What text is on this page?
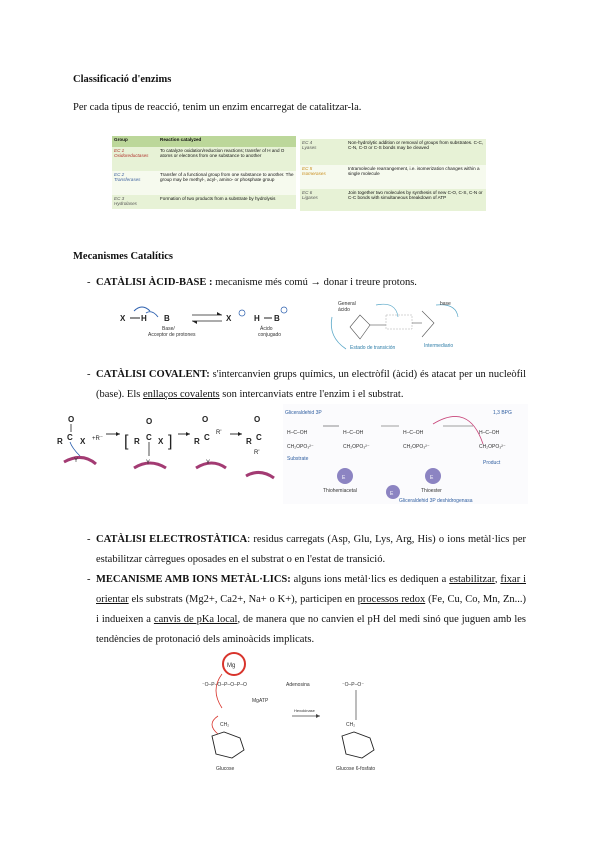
Classificació d'enzims
Per cada tipus de reacció, tenim un enzim encarregat de catalitzar-la.
Group	Reaction catalyzed

EC 1
Oxidoreductases	To catalyze oxidation/reduction reactions; transfer of H and O atoms or electrons from one substance to another

EC 2
Transferases	Transfer of a functional group from one substance to another. The group may be methyl-, acyl-, amino- or phosphate group

EC 3
Hydrolases	Formation of two products from a substrate by hydrolysis
EC 4
Lyases	Non-hydrolytic addition or removal of groups from substrates. C-C, C-N, C-O or C-S bonds may be cleaved

EC 5
Isomerases	Intramolecule rearrangement, i.e. isomerization changes within a single molecule

EC 6
Ligases	Join together two molecules by synthesis of new C-O, C-S, C-N or C-C bonds with simultaneous breakdown of ATP
Mecanismes Catalítics
- CATÀLISI ÀCID-BASE : mecanisme més comú → donar i treure protons.
X H B
Base/
Acceptor de protones
X	H B
Ácido
conjugado
General
ácido
base
Estado de transición	Intermediario
- CATÀLISI COVALENT: s'intercanvien grups químics, un electròfil (àcid) és atacat per un nucleòfil (base). Els enllaços covalents son intercanviats entre l'enzim i el substrat.
O
R C X +R⁻
Y
[ R C X
O
Y
]
O
R C R'
Y
O
R C
R'
Gliceraldehid 3P	1,3 BPG
H–C–OH	H–C–OH	H–C–OH	H–C–OH
CH₂OPO₃²⁻	CH₂OPO₃²⁻	CH₂OPO₃²⁻	CH₂OPO₃²⁻
Substrate
E	E
E
Thiohemiacetal	Thioester
Product
Gliceraldehid 3P deshidrogenasa
- CATÀLISI ELECTROSTÀTICA: residus carregats (Asp, Glu, Lys, Arg, His) o ions metàl·lics per estabilitzar càrregues oposades en el substrat o en l'estat de transició.
- MECANISME AMB IONS METÀL·LICS: alguns ions metàl·lics es dediquen a estabilitzar, fixar i orientar els substrats (Mg2+, Ca2+, Na+ o K+), participen en processos redox (Fe, Cu, Co, Mn, Zn...) i indueixen a canvis de pKa local, de manera que no canvien el pH del medi sinó que juguen amb les tendències de protonació dels aminoàcids implicats.
Mg
⁻O–P–O–P–O–P–O	Adenosina
MgATP
CH₂
Glucose
Hexokinase
⁻O–P–O⁻
CH₂
Glucose 6-fosfato
